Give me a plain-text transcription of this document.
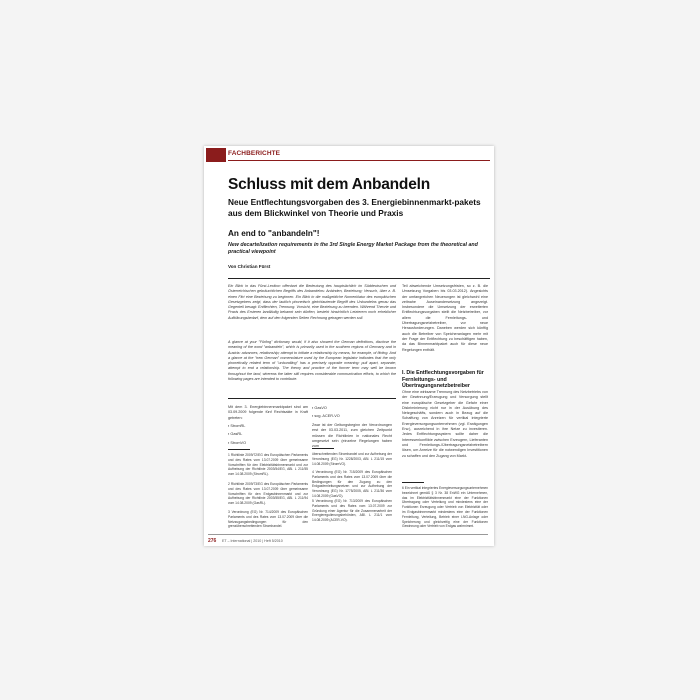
FACHBERICHTE
Schluss mit dem Anbandeln
Neue Entflechtungsvorgaben des 3. Energiebinnenmarkt-pakets aus dem Blickwinkel von Theorie und Praxis
An end to "anbandeln"!
New decartelization requirements in the 3rd Single Energy Market Package from the theoretical and practical viewpoint
Von Christian Fürst
Ein Blick in das Fürst-Lexikon offenbart die Bedeutung des hauptsächlich im Süddeutschen und Österreichischen gebräuchlichen Begriffs des Anbandelns: Anbinden, Beziehung; Versuch, über z. B. einen Flirt eine Beziehung zu beginnen. Ein Blick in die maßgebliche Nomenklatur des europäischen Gesetzgebers zeigt, dass der lautlich phonetisch gleichlautende Begriff des Unbundelns genau das Gegenteil besagt: Entflechten, Trennung. Vorsicht, eine Beziehung zu beenden. Während Theorie und Praxis des Ersteren landläufig bekannt sein dürften, besteht hinsichtlich Letzterem noch erheblicher Aufklärungsbedarf, dem auf den folgenden Seiten Rechnung getragen werden soll.
A glance at your "Fürling" dictionary would, if it also showed the German definitions, disclose the meaning of the word "anbandeln", which is primarily used in the southern regions of Germany and in Austria: advances, relationship; attempt to initiate a relationship by means, for example, of flirting. And a glance at the "new German" nomenclature used by the European legislator indicates that the only phonetically related term of "unbundling" has a precisely opposite meaning: pull apart, separate; attempt to end a relationship. The theory and practice of the former term may well be known throughout the land, whereas the latter still requires considerable communication efforts, to which the following pages are intended to contribute.
Mit dem 3. Energiebinnenmarktpaket sind am 03.09.2009 folgende fünf Rechtsakte in Kraft getreten:
▪ StromRL
▪ GasRL
▪ StromVO
1 Richtlinie 2009/72/EG des Europäischen Parlaments und des Rates vom 13.07.2009 über gemeinsame Vorschriften für den Elektrizitätsbinnenmarkt und zur Aufhebung der Richtlinie 2003/54/EG, ABl. L 211/55 vom 14.08.2009 (StromRL).
2 Richtlinie 2009/73/EG des Europäischen Parlaments und des Rates vom 13.07.2009 über gemeinsame Vorschriften für den Erdgasbinnenmarkt und zur Aufhebung der Richtlinie 2003/55/EG, ABl. L 211/94 vom 14.08.2009 (GasRL).
3 Verordnung (EG) Nr. 714/2009 des Europäischen Parlaments und des Rates vom 13.07.2009 über die Netzzugangsbedingungen für den grenzüberschreitenden Stromhandel.
▪ GasVO
▪ sog. ACER-VO
Zwar ist der Geltungsbeginn der Verordnungen erst der 03.03.2011, zum gleichen Zeitpunkt müssen die Richtlinien in nationales Recht umgesetzt sein (einzelne Regelungen haben zum
überschreitenden Stromhandel und zur Aufhebung der Verordnung (EG) Nr. 1228/2003, ABl. L 211/15 vom 14.08.2009 (StromVO).
4 Verordnung (EG) Nr. 715/2009 des Europäischen Parlaments und des Rates vom 13.07.2009 über die Bedingungen für den Zugang zu den Erdgasfernleitungsnetzen und zur Aufhebung der Verordnung (EG) Nr. 1775/2005, ABl. L 211/36 vom 14.08.2009 (GasVO).
5 Verordnung (EG) Nr. 713/2009 des Europäischen Parlaments und des Rates vom 13.07.2009 zur Gründung einer Agentur für die Zusammenarbeit der Energieregulierungsbehörden, ABl. L 211/1 vom 14.08.2009 (ACER-VO).
Teil abweichende Umsetzungsfristen, so z. B. die Umsetzung Vorgaben bis 03.03.2012). Angesichts der umfangreichen Neuerungen ist gleichwohl eine zeitnahe Auseinandersetzung angezeigt. Insbesondere die Umsetzung der erweiterten Entflechtungsvorgaben stellt die Netzbetreiber, vor allem die Fernleitungs- und Übertragungsnetzbetreiber, vor neue Herausforderungen. Daneben werden sich künftig auch die Betreiber von Speicheranlagen mehr mit der Frage der Entflechtung zu beschäftigen haben, da das Binnenmarktpaket auch für diese neue Regelungen enthält.
I. Die Entflechtungsvorgaben für Fernleitungs- und Übertragungsnetzbetreiber
Ohne eine wirksame Trennung des Netzbetriebs von der Gewinnung/Erzeugung und Versorgung stellt eine europäische Gesetzgeber die Gefahr einer Diskriminierung nicht nur in der Ausübung des Netzgeschäfts, sondern auch in Bezug auf die Schaffung von Anreizen für vertikal integrierte Energieversorgungsunternehmen (vgl. Erwägungen Erw.), ausreichend in ihre Netze zu investieren. Jedes Entflechtungssystem sollte daher die Interessenkonflikte zwischen Erzeugern, Lieferanten und Fernleitungs-/Übertragungsnetzbetreibern lösen, um Anreize für die notwendigen Investitionen zu schaffen und den Zugang von Markt-
6 Ein vertikal integriertes Energieversorgungsunternehmen bezeichnet gemäß § 3 Nr. 38 EnWG ein Unternehmen, das im Elektrizitätsbinnenmarkt eine der Funktionen Übertragung oder Verteilung und mindestens eine der Funktionen Erzeugung oder Vertrieb von Elektrizität oder im Erdgasbinnenmarkt mindestens eine der Funktionen Fernleitung, Verteilung, Betrieb einer LNG-Anlage oder Speicherung und gleichzeitig eine der Funktionen Gewinnung oder Vertrieb von Erdgas wahrnimmt.
276 ET – International | 2010 | Heft 5/2010
